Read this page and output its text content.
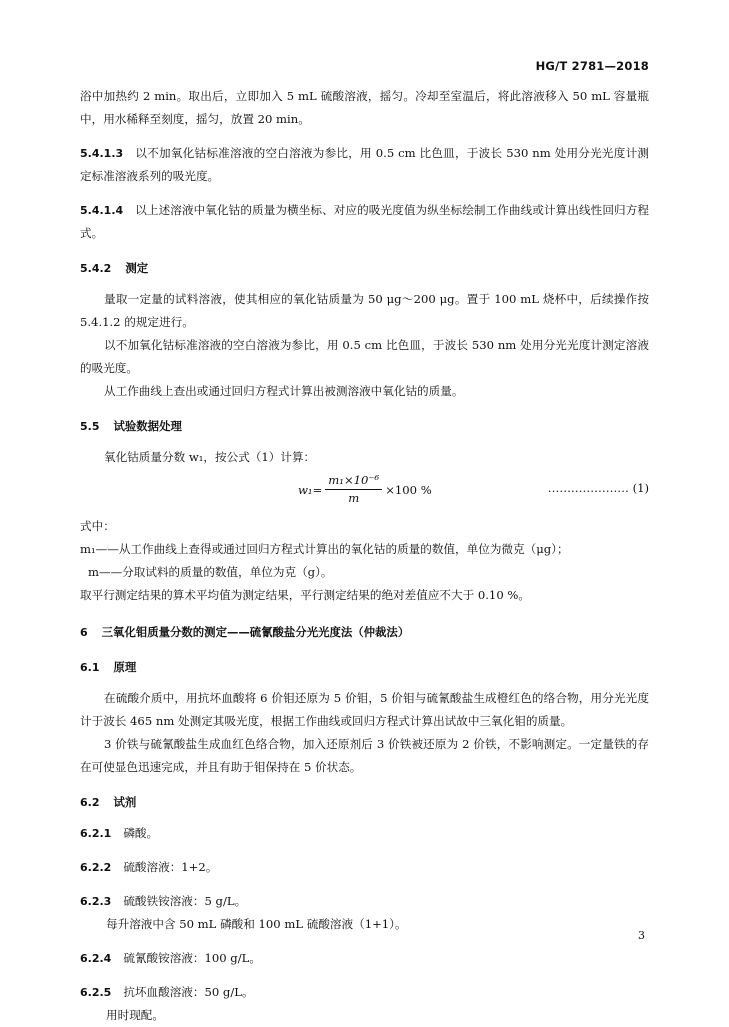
HG/T 2781—2018

浴中加热约 2 min。取出后，立即加入 5 mL 硫酸溶液，摇匀。冷却至室温后，将此溶液移入 50 mL 容量瓶中，用水稀释至刻度，摇匀，放置 20 min。

5.4.1.3 以不加氧化钴标准溶液的空白溶液为参比，用 0.5 cm 比色皿，于波长 530 nm 处用分光光度计测定标准溶液系列的吸光度。

5.4.1.4 以上述溶液中氧化钴的质量为横坐标、对应的吸光度值为纵坐标绘制工作曲线或计算出线性回归方程式。

5.4.2 测定

量取一定量的试料溶液，使其相应的氧化钴质量为 50 μg～200 μg。置于 100 mL 烧杯中，后续操作按 5.4.1.2 的规定进行。

以不加氧化钴标准溶液的空白溶液为参比，用 0.5 cm 比色皿，于波长 530 nm 处用分光光度计测定溶液的吸光度。

从工作曲线上查出或通过回归方程式计算出被测溶液中氧化钴的质量。

5.5 试验数据处理

氧化钴质量分数 w₁，按公式（1）计算：

$w_1 = \frac{\text{m₁×10⁻⁶}}{m} \times 100$ %	………………… (1)

式中：

m₁——从工作曲线上查得或通过回归方程式计算出的氧化钴的质量的数值，单位为微克（μg）；

m——分取试料的质量的数值，单位为克（g）。

取平行测定结果的算术平均值为测定结果，平行测定结果的绝对差值应不大于 0.10 %。

6 三氧化钼质量分数的测定——硫氰酸盐分光光度法（仲裁法）
6.1 原理

在硫酸介质中，用抗坏血酸将 6 价钼还原为 5 价钼，5 价钼与硫氰酸盐生成橙红色的络合物，用分光光度计于波长 465 nm 处测定其吸光度，根据工作曲线或回归方程式计算出试故中三氧化钼的质量。

3 价铁与硫氰酸盐生成血红色络合物，加入还原剂后 3 价铁被还原为 2 价铁，不影响测定。一定量铁的存在可使显色迅速完成，并且有助于钼保持在 5 价状态。

6.2 试剂

6.2.1 磷酸。

6.2.2 硫酸溶液：1+2。

6.2.3 硫酸铁铵溶液：5 g/L。

每升溶液中含 50 mL 磷酸和 100 mL 硫酸溶液（1+1）。

6.2.4 硫氰酸铵溶液：100 g/L。

6.2.5 抗坏血酸溶液：50 g/L。

用时现配。

3
